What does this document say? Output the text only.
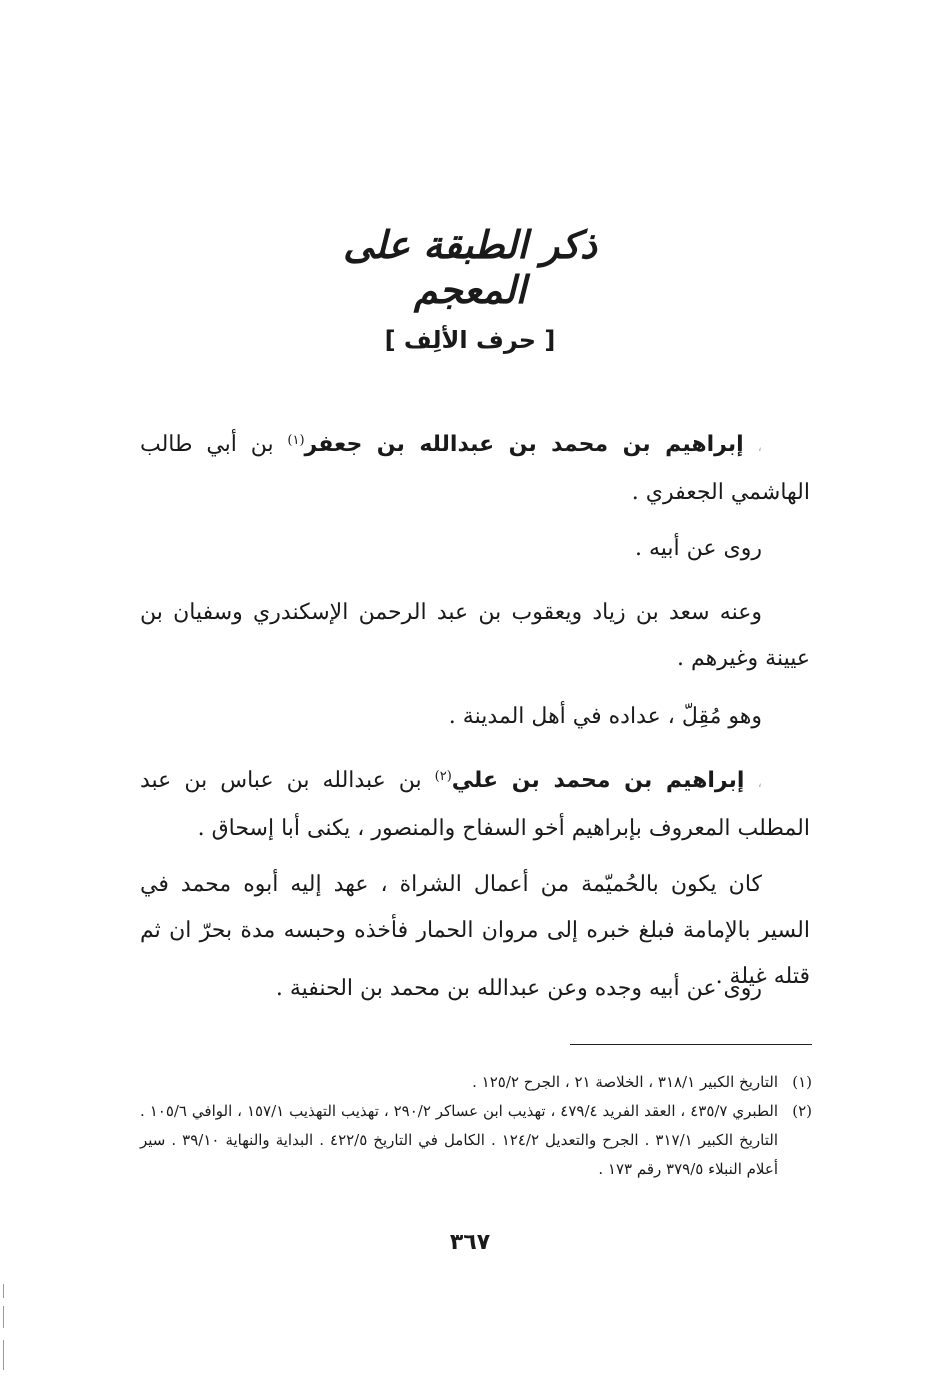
ذكر الطبقة على المعجم
[ حرف الألِف ]
، إبراهيم بن محمد بن عبدالله بن جعفر$^{(١)}$ بن أبي طالب الهاشمي الجعفري .
روى عن أبيه .
وعنه سعد بن زياد ويعقوب بن عبد الرحمن الإسكندري وسفيان بن عيينة وغيرهم .
وهو مُقِلّ ، عداده في أهل المدينة .
، إبراهيم بن محمد بن علي$^{(٢)}$ بن عبدالله بن عباس بن عبد المطلب المعروف بإبراهيم أخو السفاح والمنصور ، يكنى أبا إسحاق .
كان يكون بالحُميّمة من أعمال الشراة ، عهد إليه أبوه محمد في السير بالإمامة فبلغ خبره إلى مروان الحمار فأخذه وحبسه مدة بحرّ ان ثم قتله غيلة .
روى عن أبيه وجده وعن عبدالله بن محمد بن الحنفية .
(١)
التاريخ الكبير ٣١٨/١ ، الخلاصة ٢١ ، الجرح ١٢٥/٢ .
(٢)
الطبري ٤٣٥/٧ ، العقد الفريد ٤٧٩/٤ ، تهذيب ابن عساكر ٢٩٠/٢ ، تهذيب التهذيب ١٥٧/١ ، الوافي ١٠٥/٦ . التاريخ الكبير ٣١٧/١ . الجرح والتعديل ١٢٤/٢ . الكامل في التاريخ ٤٢٢/٥ . البداية والنهاية ٣٩/١٠ . سير أعلام النبلاء ٣٧٩/٥ رقم ١٧٣ .
٣٦٧
